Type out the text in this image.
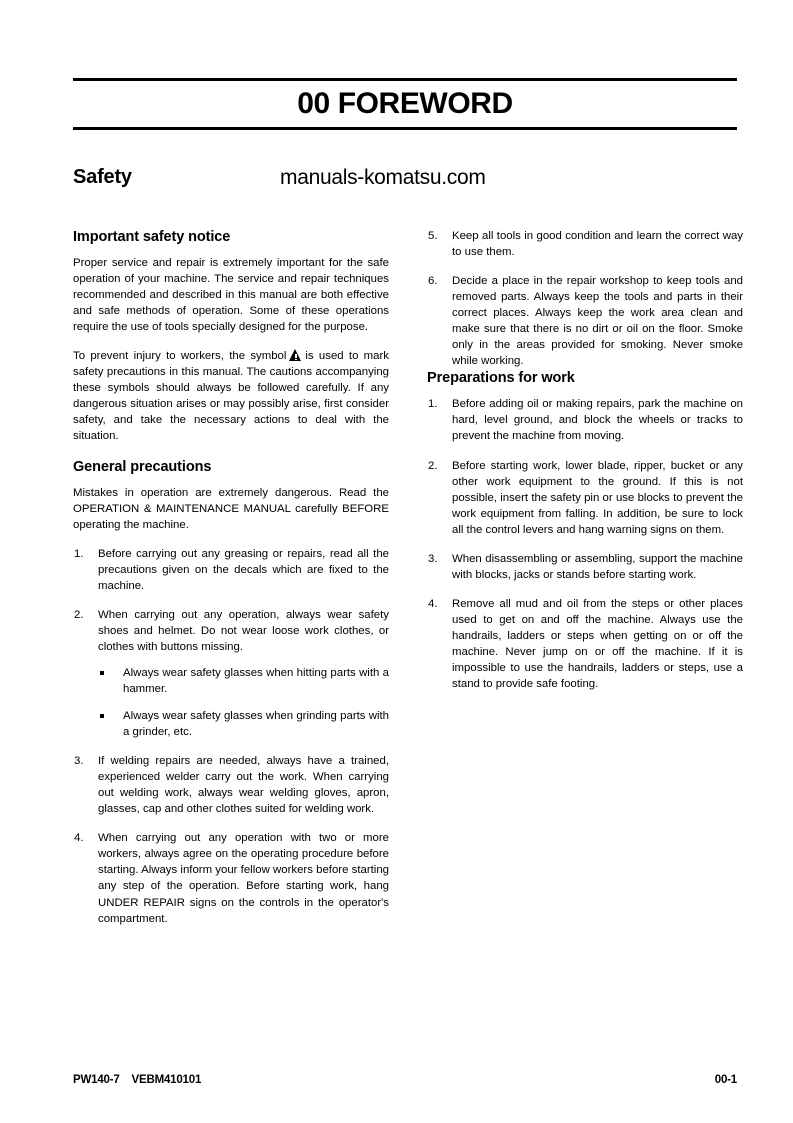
00 FOREWORD
Safety	manuals-komatsu.com
Important safety notice

Proper service and repair is extremely important for the safe operation of your machine. The service and repair techniques recommended and described in this manual are both effective and safe methods of operation. Some of these operations require the use of tools specially designed for the purpose.

To prevent injury to workers, the symbol is used to mark safety precautions in this manual. The cautions accompanying these symbols should always be followed carefully. If any dangerous situation arises or may possibly arise, first consider safety, and take the necessary actions to deal with the situation.

General precautions

Mistakes in operation are extremely dangerous. Read the OPERATION & MAINTENANCE MANUAL carefully BEFORE operating the machine.

1.	Before carrying out any greasing or repairs, read all the precautions given on the decals which are fixed to the machine.
2.	When carrying out any operation, always wear safety shoes and helmet. Do not wear loose work clothes, or clothes with buttons missing.
Always wear safety glasses when hitting parts with a hammer.
Always wear safety glasses when grinding parts with a grinder, etc.
3.	If welding repairs are needed, always have a trained, experienced welder carry out the work. When carrying out welding work, always wear welding gloves, apron, glasses, cap and other clothes suited for welding work.
4.	When carrying out any operation with two or more workers, always agree on the operating procedure before starting. Always inform your fellow workers before starting any step of the operation. Before starting work, hang UNDER REPAIR signs on the controls in the operator's compartment.
5.	Keep all tools in good condition and learn the correct way to use them.
6.	Decide a place in the repair workshop to keep tools and removed parts. Always keep the tools and parts in their correct places. Always keep the work area clean and make sure that there is no dirt or oil on the floor. Smoke only in the areas provided for smoking. Never smoke while working.
Preparations for work
1.	Before adding oil or making repairs, park the machine on hard, level ground, and block the wheels or tracks to prevent the machine from moving.
2.	Before starting work, lower blade, ripper, bucket or any other work equipment to the ground. If this is not possible, insert the safety pin or use blocks to prevent the work equipment from falling. In addition, be sure to lock all the control levers and hang warning signs on them.
3.	When disassembling or assembling, support the machine with blocks, jacks or stands before starting work.
4.	Remove all mud and oil from the steps or other places used to get on and off the machine. Always use the handrails, ladders or steps when getting on or off the machine. Never jump on or off the machine. If it is impossible to use the handrails, ladders or steps, use a stand to provide safe footing.
PW140-7 VEBM410101	00-1
